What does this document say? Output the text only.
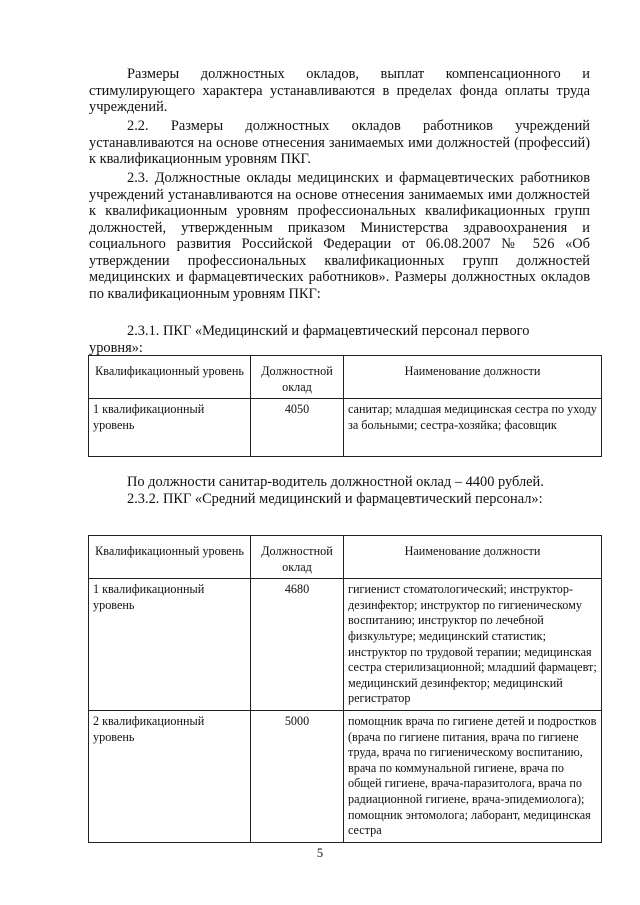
Размеры должностных окладов, выплат компенсационного и стимулирующего характера устанавливаются в пределах фонда оплаты труда учреждений.

2.2. Размеры должностных окладов работников учреждений устанавливаются на основе отнесения занимаемых ими должностей (профессий) к квалификационным уровням ПКГ.

2.3. Должностные оклады медицинских и фармацевтических работников учреждений устанавливаются на основе отнесения занимаемых ими должностей к квалификационным уровням профессиональных квалификационных групп должностей, утвержденным приказом Министерства здравоохранения и социального развития Российской Федерации от 06.08.2007 № 526 «Об утверждении профессиональных квалификационных групп должностей медицинских и фармацевтических работников». Размеры должностных окладов по квалификационным уровням ПКГ:

2.3.1. ПКГ «Медицинский и фармацевтический персонал первого

уровня»:

Квалификационный уровень	Должностной оклад	Наименование должности
1 квалификационный уровень	4050	санитар; младшая медицинская сестра по уходу за больными; сестра-хозяйка; фасовщик

По должности санитар-водитель должностной оклад – 4400 рублей.

2.3.2. ПКГ «Средний медицинский и фармацевтический персонал»:

Квалификационный уровень	Должностной оклад	Наименование должности
1 квалификационный уровень	4680	гигиенист стоматологический; инструктор-дезинфектор; инструктор по гигиеническому воспитанию; инструктор по лечебной физкультуре; медицинский статистик; инструктор по трудовой терапии; медицинская сестра стерилизационной; младший фармацевт; медицинский дезинфектор; медицинский регистратор
2 квалификационный уровень	5000	помощник врача по гигиене детей и подростков (врача по гигиене питания, врача по гигиене труда, врача по гигиеническому воспитанию, врача по коммунальной гигиене, врача по общей гигиене, врача-паразитолога, врача по радиационной гигиене, врача-эпидемиолога); помощник энтомолога; лаборант, медицинская сестра
5
